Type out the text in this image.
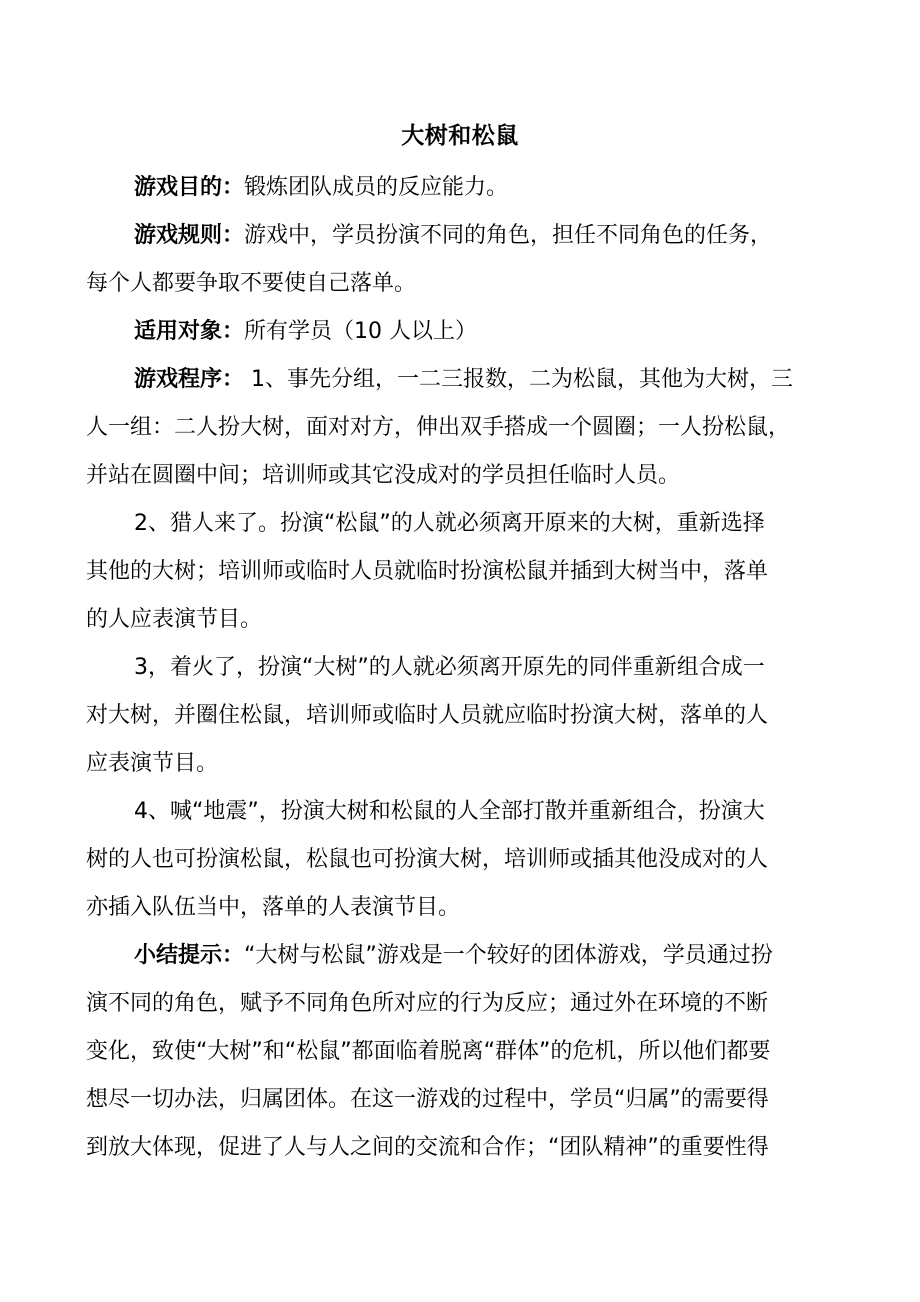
大树和松鼠

游戏目的：锻炼团队成员的反应能力。

游戏规则：游戏中，学员扮演不同的角色，担任不同角色的任务，

每个人都要争取不要使自己落单。

适用对象：所有学员（10 人以上）

游戏程序： 1、事先分组，一二三报数，二为松鼠，其他为大树，三

人一组：二人扮大树，面对对方，伸出双手搭成一个圆圈；一人扮松鼠，

并站在圆圈中间；培训师或其它没成对的学员担任临时人员。

2、猎人来了。扮演“松鼠”的人就必须离开原来的大树，重新选择

其他的大树；培训师或临时人员就临时扮演松鼠并插到大树当中，落单

的人应表演节目。

3，着火了，扮演“大树”的人就必须离开原先的同伴重新组合成一

对大树，并圈住松鼠，培训师或临时人员就应临时扮演大树，落单的人

应表演节目。

4、喊“地震”，扮演大树和松鼠的人全部打散并重新组合，扮演大

树的人也可扮演松鼠，松鼠也可扮演大树，培训师或插其他没成对的人

亦插入队伍当中，落单的人表演节目。

小结提示：“大树与松鼠”游戏是一个较好的团体游戏，学员通过扮

演不同的角色，赋予不同角色所对应的行为反应；通过外在环境的不断

变化，致使“大树”和“松鼠”都面临着脱离“群体”的危机，所以他们都要

想尽一切办法，归属团体。在这一游戏的过程中，学员“归属”的需要得

到放大体现，促进了人与人之间的交流和合作；“团队精神”的重要性得
